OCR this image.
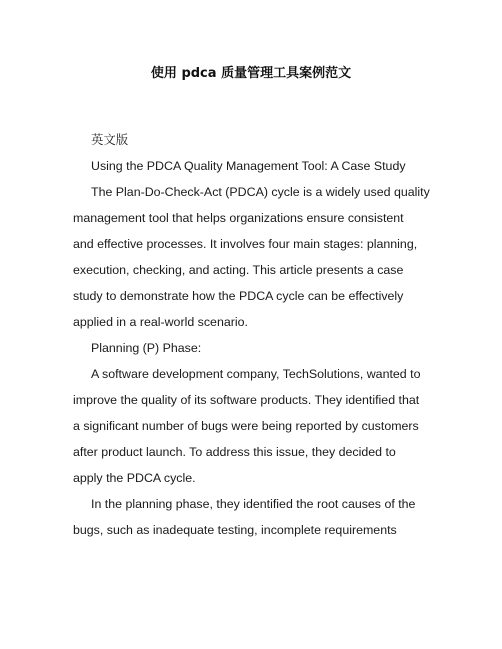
使用 pdca 质量管理工具案例范文
英文版
Using the PDCA Quality Management Tool: A Case Study
The Plan-Do-Check-Act (PDCA) cycle is a widely used quality
management tool that helps organizations ensure consistent
and effective processes. It involves four main stages: planning,
execution, checking, and acting. This article presents a case
study to demonstrate how the PDCA cycle can be effectively
applied in a real-world scenario.
Planning (P) Phase:
A software development company, TechSolutions, wanted to
improve the quality of its software products. They identified that
a significant number of bugs were being reported by customers
after product launch. To address this issue, they decided to
apply the PDCA cycle.
In the planning phase, they identified the root causes of the
bugs, such as inadequate testing, incomplete requirements
